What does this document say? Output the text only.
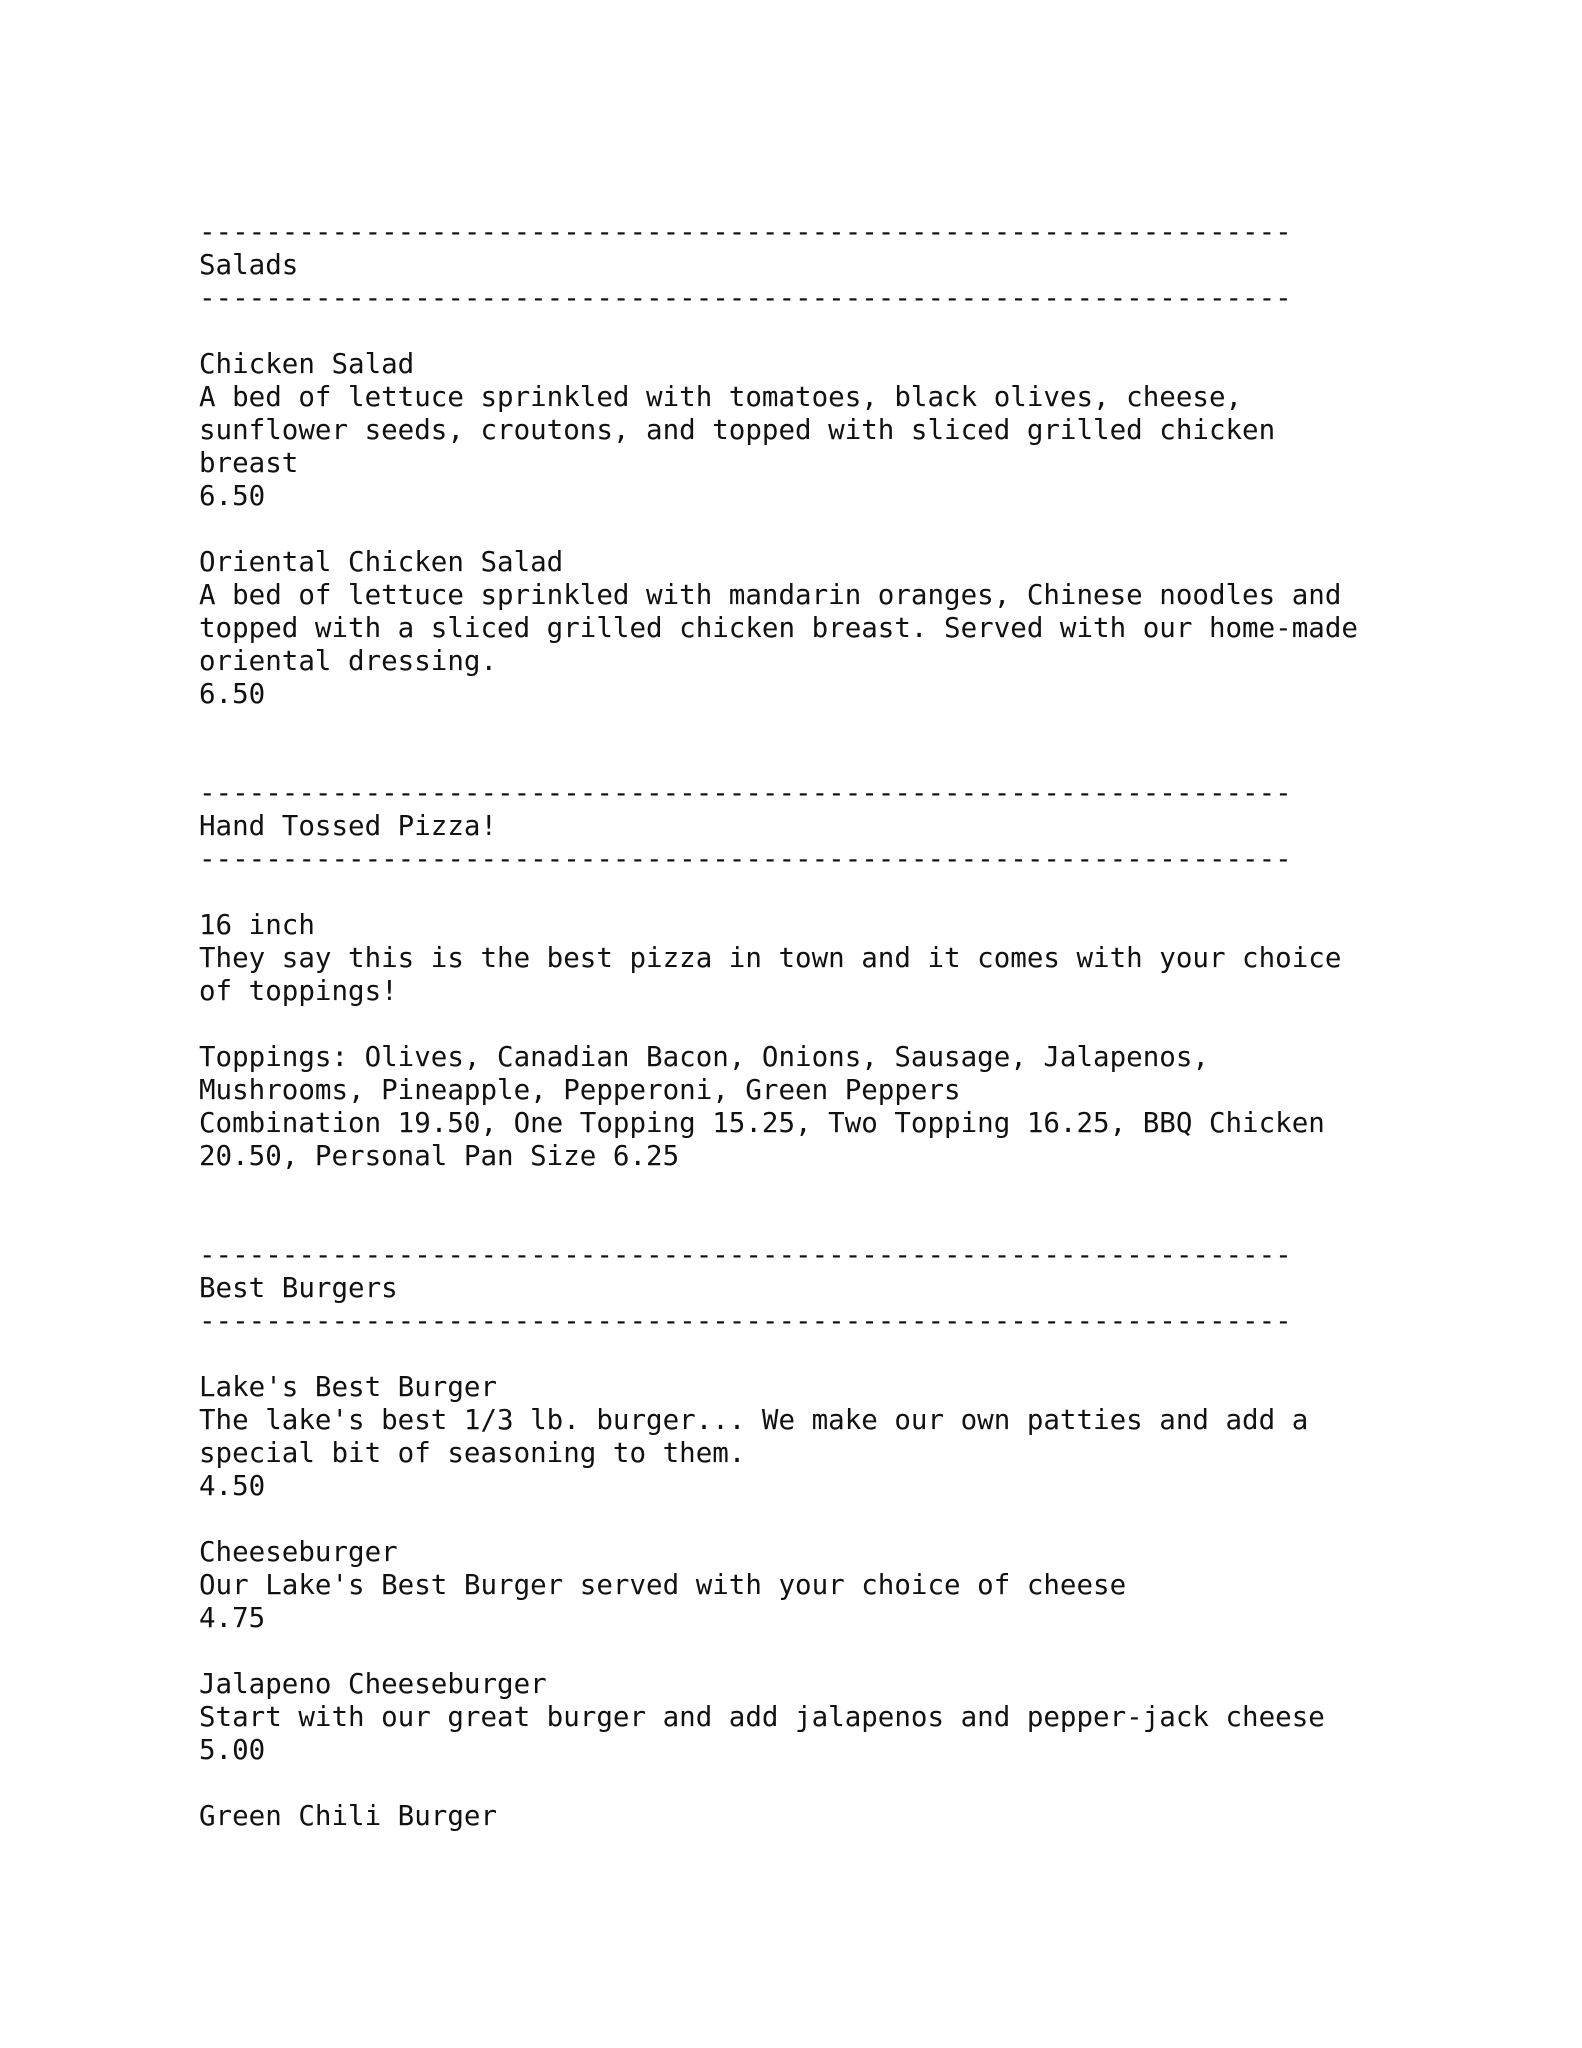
------------------------------------------------------------------
Salads
------------------------------------------------------------------
Chicken Salad
A bed of lettuce sprinkled with tomatoes, black olives, cheese,
sunflower seeds, croutons, and topped with sliced grilled chicken
breast
6.50
Oriental Chicken Salad
A bed of lettuce sprinkled with mandarin oranges, Chinese noodles and
topped with a sliced grilled chicken breast. Served with our home-made
oriental dressing.
6.50
------------------------------------------------------------------
Hand Tossed Pizza!
------------------------------------------------------------------
16 inch
They say this is the best pizza in town and it comes with your choice
of toppings!
Toppings: Olives, Canadian Bacon, Onions, Sausage, Jalapenos,
Mushrooms, Pineapple, Pepperoni, Green Peppers
Combination 19.50, One Topping 15.25, Two Topping 16.25, BBQ Chicken
20.50, Personal Pan Size 6.25
------------------------------------------------------------------
Best Burgers
------------------------------------------------------------------
Lake's Best Burger
The lake's best 1/3 lb. burger... We make our own patties and add a
special bit of seasoning to them.
4.50
Cheeseburger
Our Lake's Best Burger served with your choice of cheese
4.75
Jalapeno Cheeseburger
Start with our great burger and add jalapenos and pepper-jack cheese
5.00
Green Chili Burger
